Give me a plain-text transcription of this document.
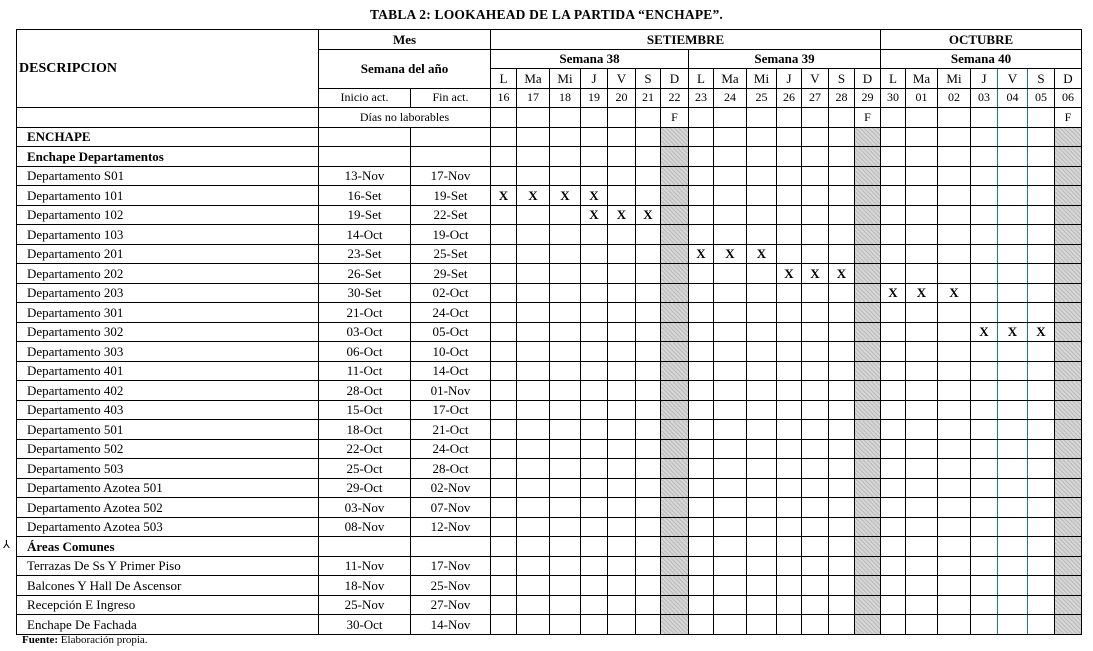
TABLA 2: LOOKAHEAD DE LA PARTIDA “ENCHAPE”.
DESCRIPCION	Mes		SETIEMBRE														OCTUBRE						
	Semana del año		Semana 38							Semana 39							Semana 40						
			L	Ma	Mi	J	V	S	D	L	Ma	Mi	J	V	S	D	L	Ma	Mi	J	V	S	D
	Inicio act.	Fin act.	16	17	18	19	20	21	22	23	24	25	26	27	28	29	30	01	02	03	04	05	06
	Días no laborables								F							F							F
ENCHAPE																							
Enchape Departamentos																							
Departamento S01	13-Nov	17-Nov																					
Departamento 101	16-Set	19-Set	X	X	X	X																	
Departamento 102	19-Set	22-Set				X	X	X															
Departamento 103	14-Oct	19-Oct																					
Departamento 201	23-Set	25-Set								X	X	X											
Departamento 202	26-Set	29-Set											X	X	X								
Departamento 203	30-Set	02-Oct															X	X	X				
Departamento 301	21-Oct	24-Oct																					
Departamento 302	03-Oct	05-Oct																		X	X	X	
Departamento 303	06-Oct	10-Oct																					
Departamento 401	11-Oct	14-Oct																					
Departamento 402	28-Oct	01-Nov																					
Departamento 403	15-Oct	17-Oct																					
Departamento 501	18-Oct	21-Oct																					
Departamento 502	22-Oct	24-Oct																					
Departamento 503	25-Oct	28-Oct																					
Departamento Azotea 501	29-Oct	02-Nov																					
Departamento Azotea 502	03-Nov	07-Nov																					
Departamento Azotea 503	08-Nov	12-Nov																					
Áreas Comunes																							
Terrazas De Ss Y Primer Piso	11-Nov	17-Nov																					
Balcones Y Hall De Ascensor	18-Nov	25-Nov																					
Recepción E Ingreso	25-Nov	27-Nov																					
Enchape De Fachada	30-Oct	14-Nov																					
⅄
Fuente: Elaboración propia.
